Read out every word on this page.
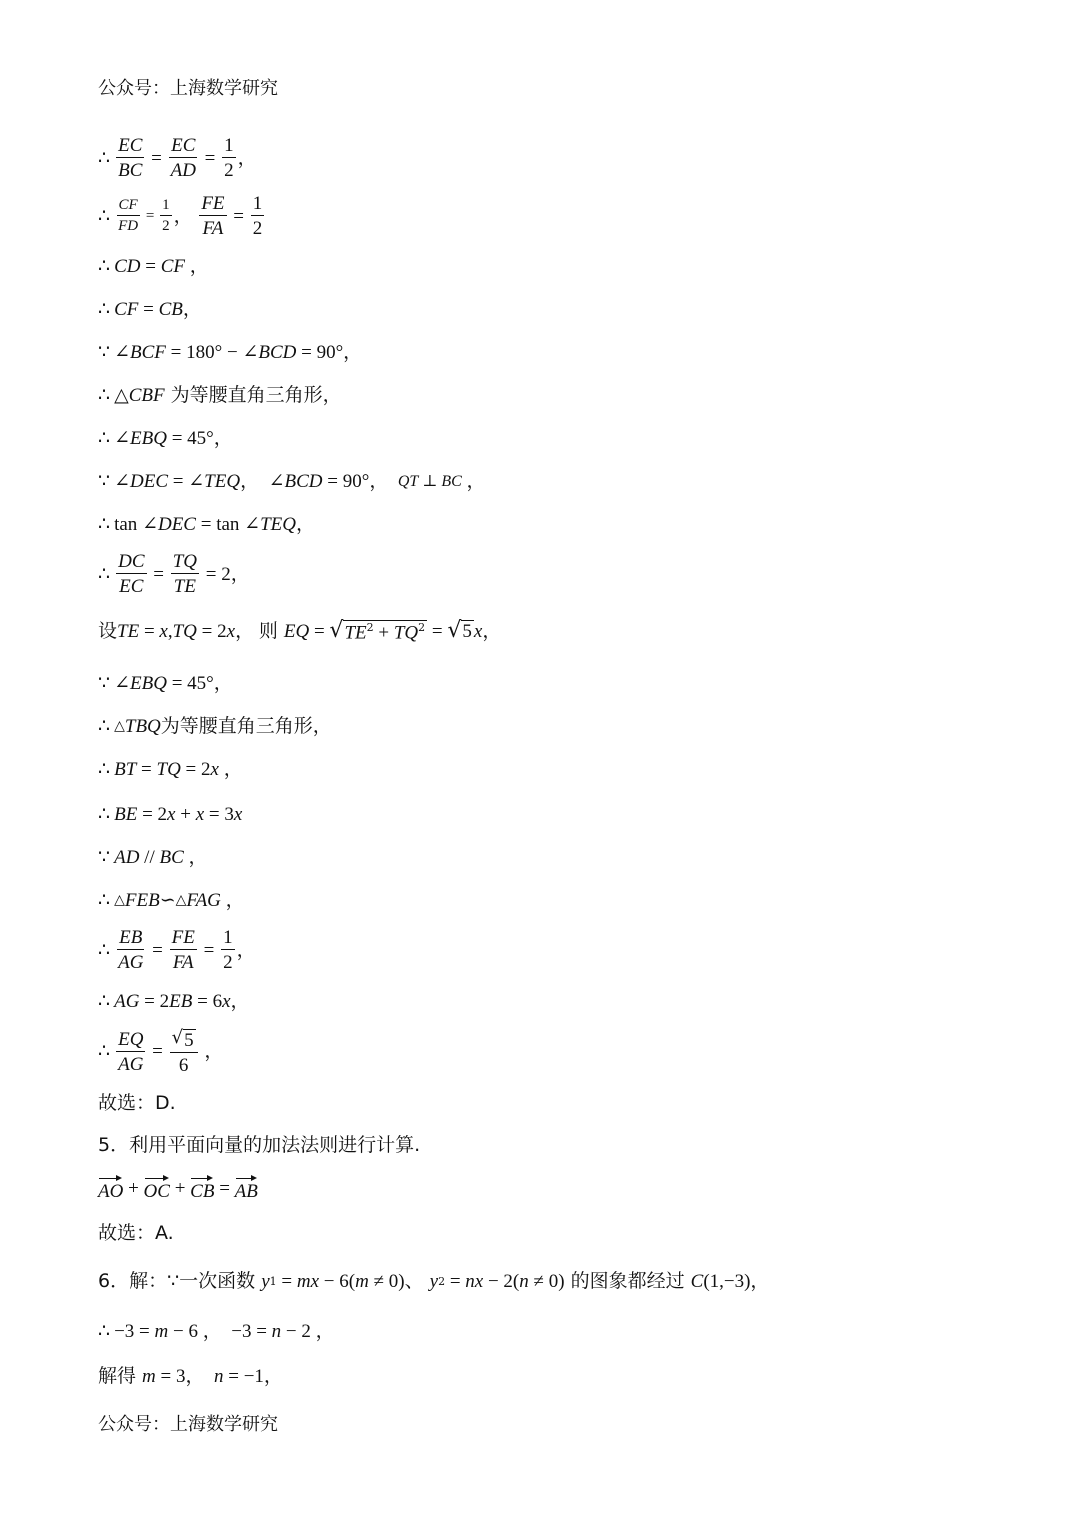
公众号：上海数学研究
∴ $\frac{EC}{BC} = \frac{EC}{AD} = \frac{1}{2}$ ，
∴ $\frac{CF}{FD} = \frac{1}{2}$ ， $\frac{FE}{FA} = \frac{1}{2}$
∴ CD = CF ，
∴ CF = CB ，
∵ ∠BCF = 180° − ∠BCD = 90°，
∴ △ CBF 为等腰直角三角形，
∴ ∠EBQ = 45°，
∵ ∠DEC = ∠TEQ ， ∠BCD = 90°， QT ⊥ BC ，
∴ tan ∠DEC = tan ∠TEQ ，
∴ $\frac{DC}{EC} = \frac{TQ}{TE} = 2$，
设 TE = x , TQ = 2 x ， 则 EQ = √ $TE^2 + TQ^2$ = √ 5 x ，
∵ ∠EBQ = 45°，
∴ △ TBQ 为等腰直角三角形，
∴ BT = TQ = 2 x ，
∴ BE = 2 x + x = 3 x
∵ AD // BC ，
∴ △ FEB ∽ △ FAG ，
∴ $\frac{EB}{AG} = \frac{FE}{FA} = \frac{1}{2}$ ，
∴ AG = 2 EB = 6 x ，
∴ $\frac{EQ}{AG} = \frac{√ 5}{6}$ ，
故选：D.
5．利用平面向量的加法法则进行计算.
AO + OC + CB = AB
故选：A.
6．解：∵一次函数 y 1 = mx − 6( m ≠ 0) 、 y 2 = nx − 2( n ≠ 0) 的图象都经过 C (1,−3)，
∴ −3 = m − 6 ，  −3 = n − 2 ，
解得 m = 3， n = −1，
公众号：上海数学研究
